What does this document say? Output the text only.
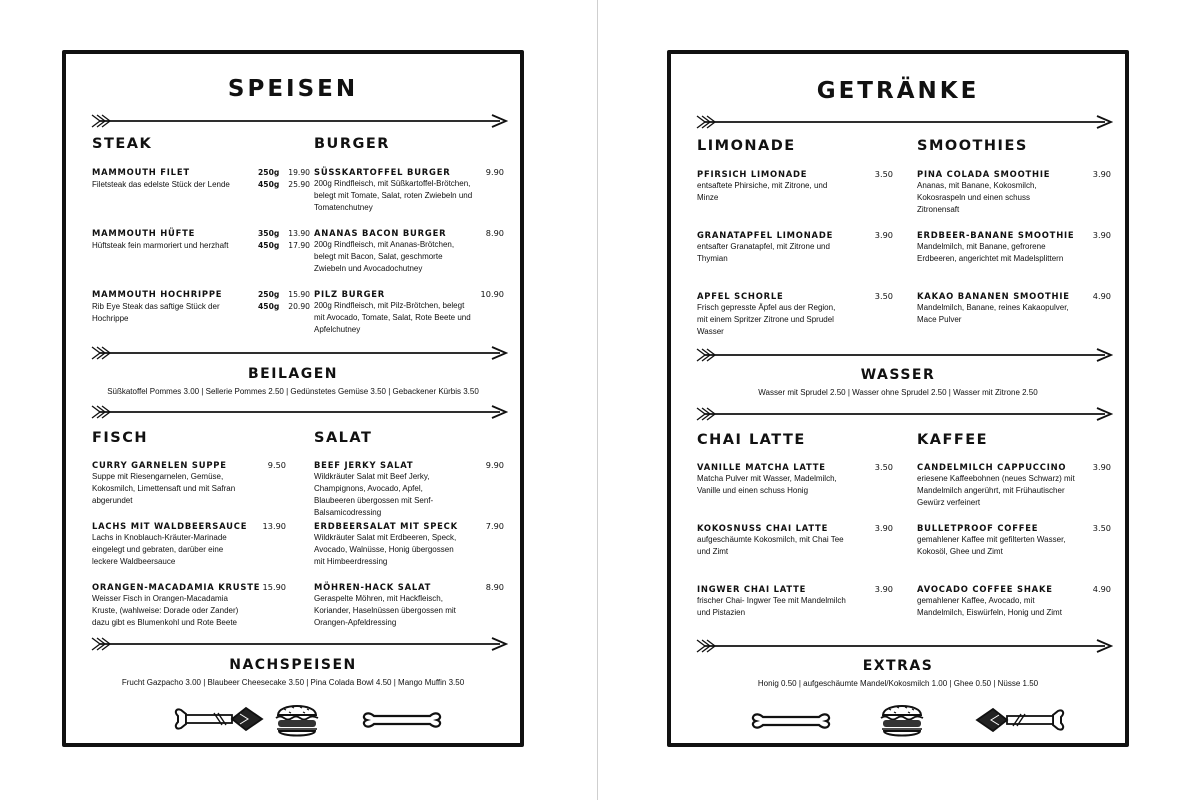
SPEISEN
STEAK	BURGER
MAMMOUTH FILET	250g	19.90
Filetsteak das edelste Stück der Lende	450g	25.90
MAMMOUTH HÜFTE	350g	13.90
Hüftsteak fein marmoriert und herzhaft	450g	17.90
MAMMOUTH HOCHRIPPE	250g	15.90
Rib Eye Steak das saftige Stück der Hochrippe
450g	20.90
SÜSSKARTOFFEL BURGER	9.90
200g Rindfleisch, mit Süßkartoffel-Brötchen, belegt mit Tomate, Salat, roten Zwiebeln und Tomatenchutney
ANANAS BACON BURGER	8.90
200g Rindfleisch, mit Ananas-Brötchen, belegt mit Bacon, Salat, geschmorte Zwiebeln und Avocadochutney
PILZ BURGER	10.90
200g Rindfleisch, mit Pilz-Brötchen, belegt mit Avocado, Tomate, Salat, Rote Beete und Apfelchutney
BEILAGEN
Süßkatoffel Pommes 3.00 | Sellerie Pommes 2.50 | Gedünstetes Gemüse 3.50 | Gebackener Kürbis 3.50
FISCH	SALAT
CURRY GARNELEN SUPPE	9.50
Suppe mit Riesengarnelen, Gemüse, Kokosmilch, Limettensaft und mit Safran abgerundet
LACHS MIT WALDBEERSAUCE 13.90
Lachs in Knoblauch-Kräuter-Marinade eingelegt und gebraten, darüber eine leckere Waldbeersauce
ORANGEN-MACADAMIA KRUSTE 15.90
Weisser Fisch in Orangen-Macadamia Kruste, (wahlweise: Dorade oder Zander) dazu gibt es Blumenkohl und Rote Beete
BEEF JERKY SALAT	9.90
Wildkräuter Salat mit Beef Jerky, Champignons, Avocado, Apfel, Blaubeeren übergossen mit Senf-Balsamicodressing
ERDBEERSALAT MIT SPECK	7.90
Wildkräuter Salat mit Erdbeeren, Speck, Avocado, Walnüsse, Honig übergossen mit Himbeerdressing
MÖHREN-HACK SALAT	8.90
Geraspelte Möhren, mit Hackfleisch, Koriander, Haselnüssen übergossen mit Orangen-Apfeldressing
NACHSPEISEN
Frucht Gazpacho 3.00 | Blaubeer Cheesecake 3.50 | Pina Colada Bowl 4.50 | Mango Muffin 3.50
GETRÄNKE
LIMONADE	SMOOTHIES
PFIRSICH LIMONADE	3.50
entsaftete Phirsiche, mit Zitrone, und Minze
GRANATAPFEL LIMONADE	3.90
entsafter Granatapfel, mit Zitrone und Thymian
APFEL SCHORLE	3.50
Frisch gepresste Äpfel aus der Region, mit einem Spritzer Zitrone und Sprudel Wasser
PINA COLADA SMOOTHIE	3.90
Ananas, mit Banane, Kokosmilch, Kokosraspeln und einen schuss Zitronensaft
ERDBEER-BANANE SMOOTHIE 3.90
Mandelmilch, mit Banane, gefrorene Erdbeeren, angerichtet mit Madelsplittern
KAKAO BANANEN SMOOTHIE	4.90
Mandelmilch, Banane, reines Kakaopulver, Mace Pulver
WASSER
Wasser mit Sprudel 2.50 | Wasser ohne Sprudel 2.50 | Wasser mit Zitrone 2.50
CHAI LATTE	KAFFEE
VANILLE MATCHA LATTE	3.50
Matcha Pulver mit Wasser, Madelmilch, Vanille und einen schuss Honig
KOKOSNUSS CHAI LATTE	3.90
aufgeschäumte Kokosmilch, mit Chai Tee und Zimt
INGWER CHAI LATTE	3.90
frischer Chai- Ingwer Tee mit Mandelmilch und Pistazien
CANDELMILCH CAPPUCCINO	3.90
eriesene Kaffeebohnen (neues Schwarz) mit Mandelmilch angerührt, mit Frühautischer Gewürz verfeinert
BULLETPROOF COFFEE	3.50
gemahlener Kaffee mit gefilterten Wasser, Kokosöl, Ghee und Zimt
AVOCADO COFFEE SHAKE	4.90
gemahlener Kaffee, Avocado, mit Mandelmilch, Eiswürfeln, Honig und Zimt
EXTRAS
Honig 0.50 | aufgeschäumte Mandel/Kokosmilch 1.00 | Ghee 0.50 | Nüsse 1.50
